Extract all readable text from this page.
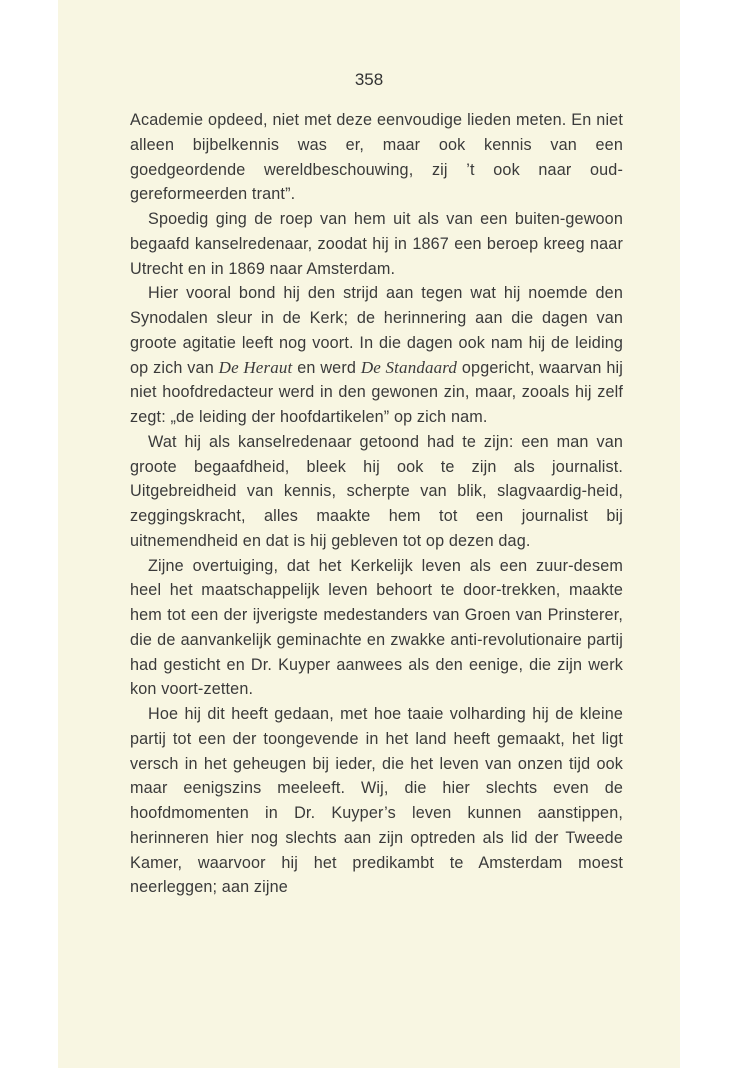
358

Academie opdeed, niet met deze eenvoudige lieden meten. En niet alleen bijbelkennis was er, maar ook kennis van een goedgeordende wereldbeschouwing, zij ’t ook naar oud-gereformeerden trant”.

Spoedig ging de roep van hem uit als van een buiten-gewoon begaafd kanselredenaar, zoodat hij in 1867 een beroep kreeg naar Utrecht en in 1869 naar Amsterdam.

Hier vooral bond hij den strijd aan tegen wat hij noemde den Synodalen sleur in de Kerk; de herinnering aan die dagen van groote agitatie leeft nog voort. In die dagen ook nam hij de leiding op zich van De Heraut en werd De Standaard opgericht, waarvan hij niet hoofdredacteur werd in den gewonen zin, maar, zooals hij zelf zegt: „de leiding der hoofdartikelen” op zich nam.

Wat hij als kanselredenaar getoond had te zijn: een man van groote begaafdheid, bleek hij ook te zijn als journalist. Uitgebreidheid van kennis, scherpte van blik, slagvaardig-heid, zeggingskracht, alles maakte hem tot een journalist bij uitnemendheid en dat is hij gebleven tot op dezen dag.

Zijne overtuiging, dat het Kerkelijk leven als een zuur-desem heel het maatschappelijk leven behoort te door-trekken, maakte hem tot een der ijverigste medestanders van Groen van Prinsterer, die de aanvankelijk geminachte en zwakke anti-revolutionaire partij had gesticht en Dr. Kuyper aanwees als den eenige, die zijn werk kon voort-zetten.

Hoe hij dit heeft gedaan, met hoe taaie volharding hij de kleine partij tot een der toongevende in het land heeft gemaakt, het ligt versch in het geheugen bij ieder, die het leven van onzen tijd ook maar eenigszins meeleeft. Wij, die hier slechts even de hoofdmomenten in Dr. Kuyper’s leven kunnen aanstippen, herinneren hier nog slechts aan zijn optreden als lid der Tweede Kamer, waarvoor hij het predikambt te Amsterdam moest neerleggen; aan zijne
